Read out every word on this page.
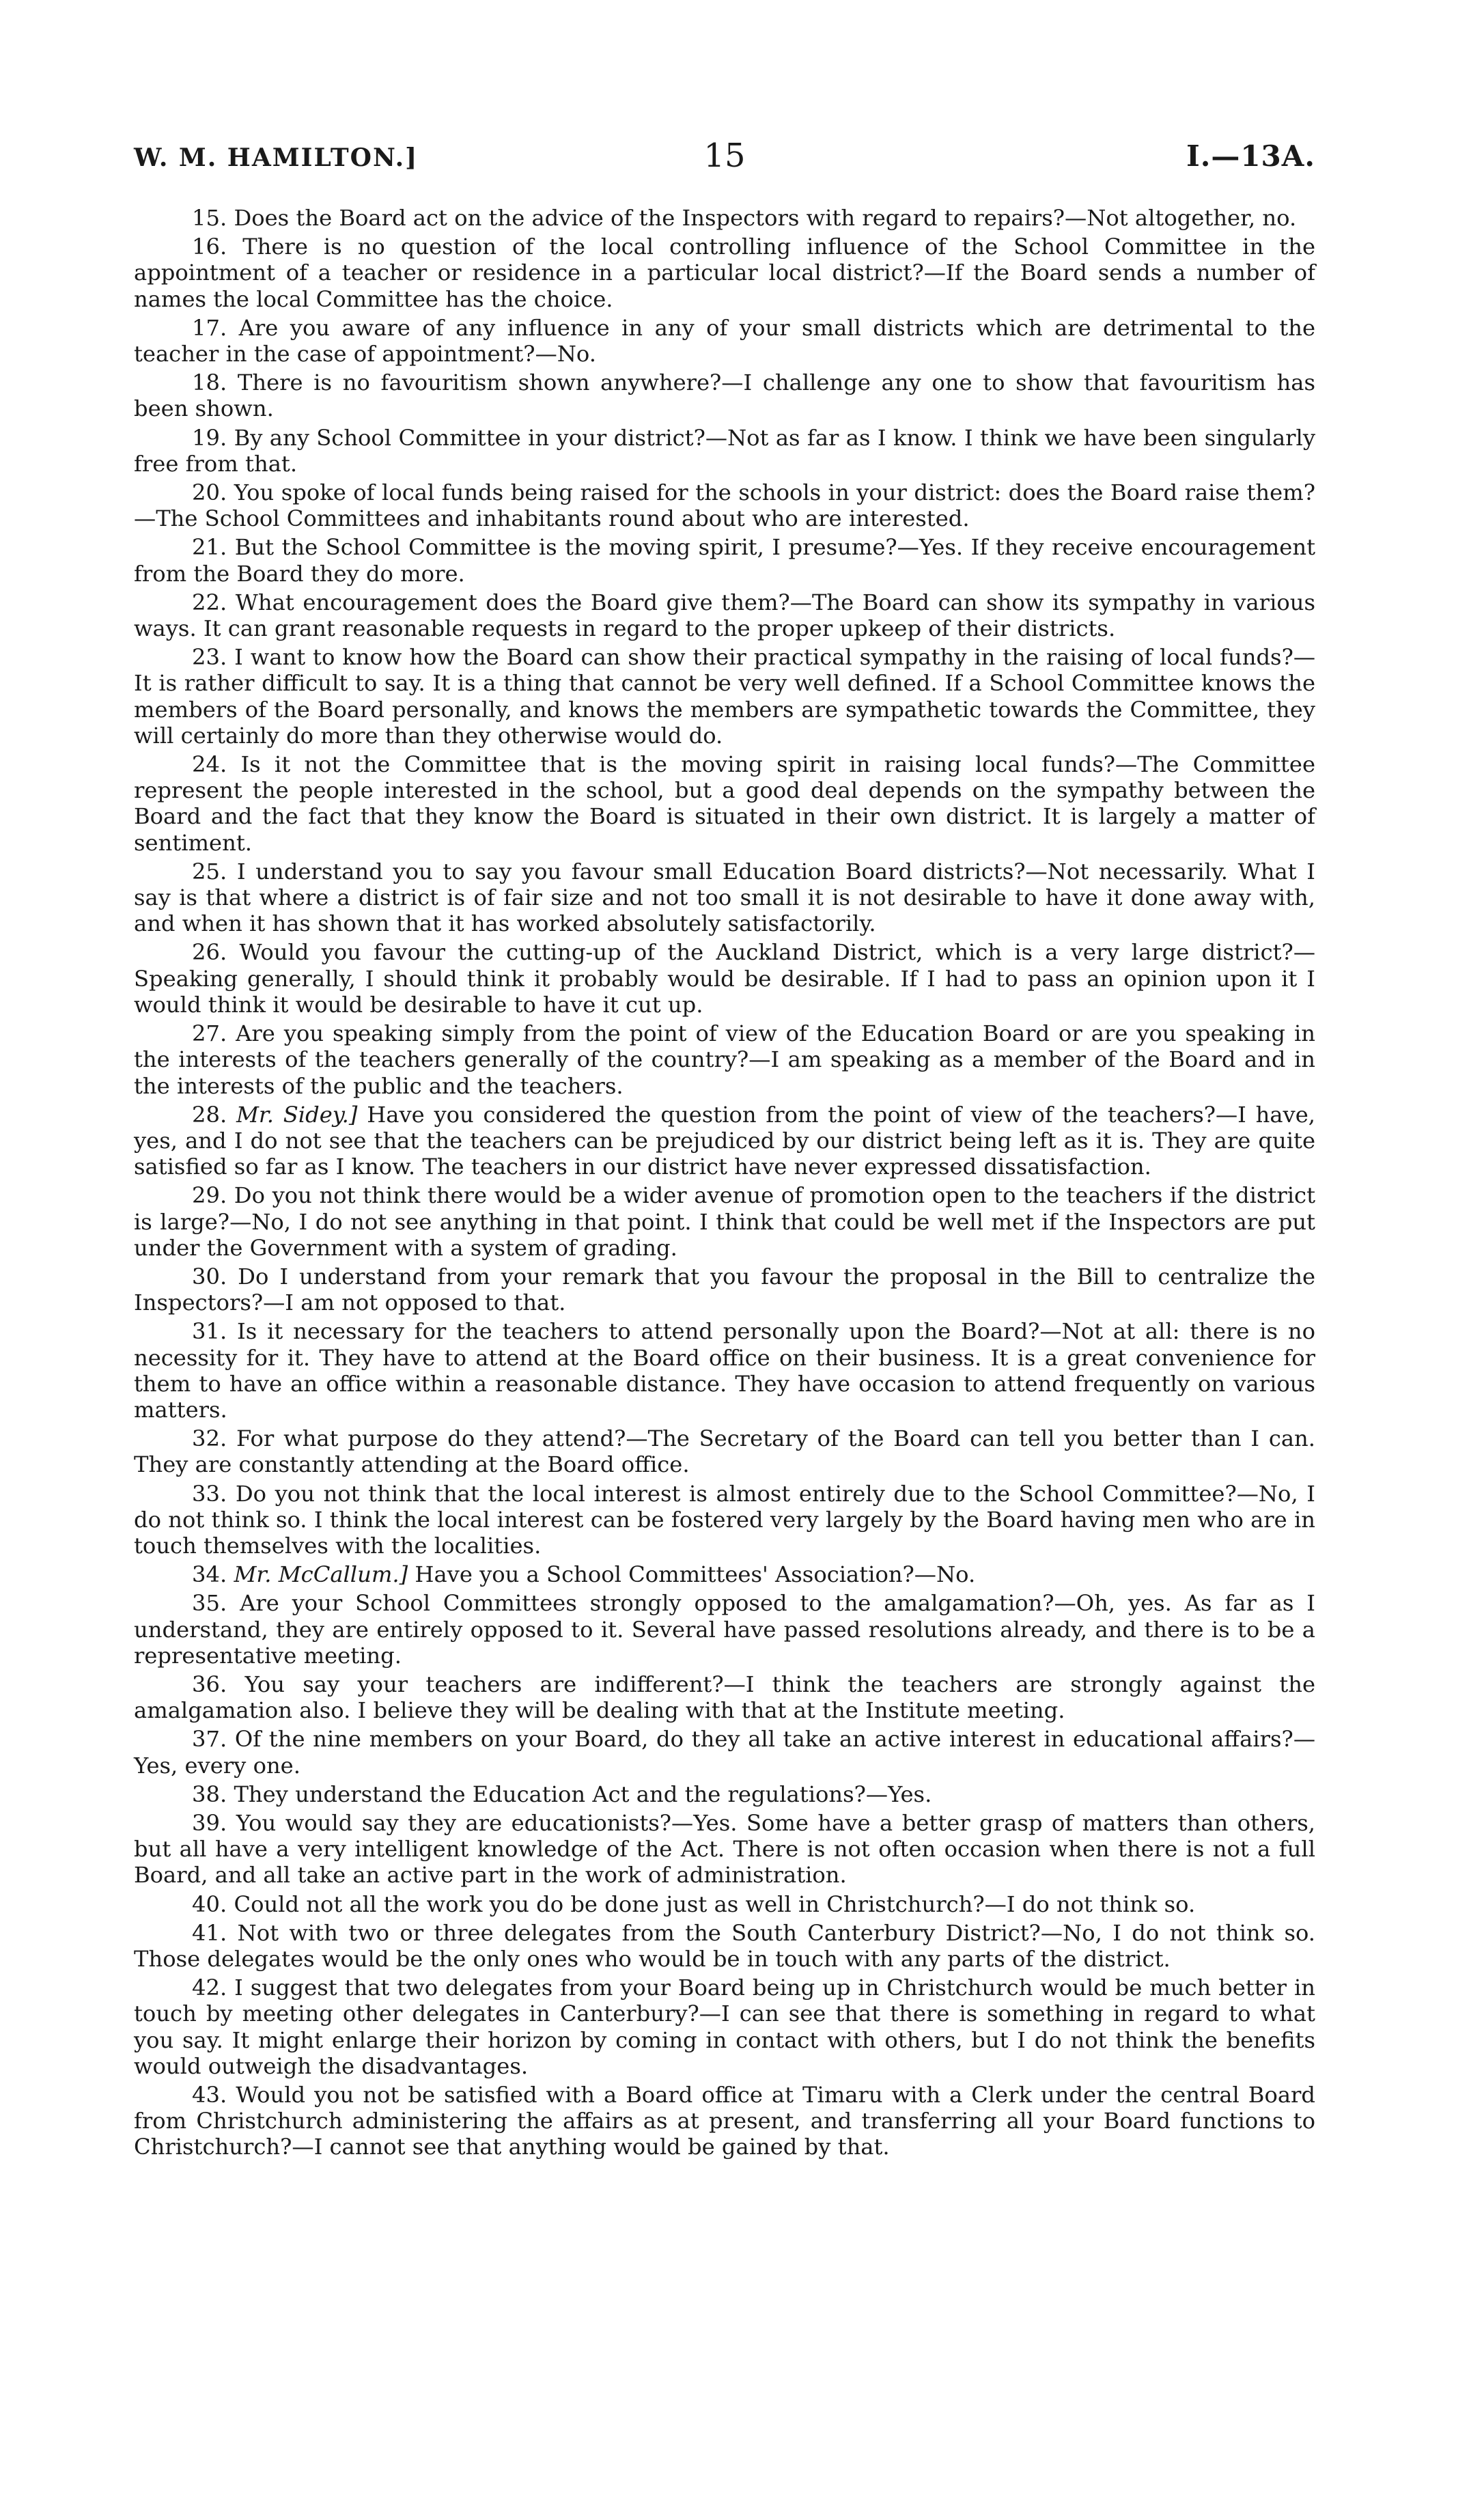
W. M. HAMILTON.]	15	I.—13A.

15. Does the Board act on the advice of the Inspectors with regard to repairs?—Not altogether, no.

16. There is no question of the local controlling influence of the School Committee in the appointment of a teacher or residence in a particular local district?—If the Board sends a number of names the local Committee has the choice.

17. Are you aware of any influence in any of your small districts which are detrimental to the teacher in the case of appointment?—No.

18. There is no favouritism shown anywhere?—I challenge any one to show that favouritism has been shown.

19. By any School Committee in your district?—Not as far as I know. I think we have been singularly free from that.

20. You spoke of local funds being raised for the schools in your district: does the Board raise them?—The School Committees and inhabitants round about who are interested.

21. But the School Committee is the moving spirit, I presume?—Yes. If they receive encouragement from the Board they do more.

22. What encouragement does the Board give them?—The Board can show its sympathy in various ways. It can grant reasonable requests in regard to the proper upkeep of their districts.

23. I want to know how the Board can show their practical sympathy in the raising of local funds?—It is rather difficult to say. It is a thing that cannot be very well defined. If a School Committee knows the members of the Board personally, and knows the members are sympathetic towards the Committee, they will certainly do more than they otherwise would do.

24. Is it not the Committee that is the moving spirit in raising local funds?—The Committee represent the people interested in the school, but a good deal depends on the sympathy between the Board and the fact that they know the Board is situated in their own district. It is largely a matter of sentiment.

25. I understand you to say you favour small Education Board districts?—Not necessarily. What I say is that where a district is of fair size and not too small it is not desirable to have it done away with, and when it has shown that it has worked absolutely satisfactorily.

26. Would you favour the cutting-up of the Auckland District, which is a very large district?—Speaking generally, I should think it probably would be desirable. If I had to pass an opinion upon it I would think it would be desirable to have it cut up.

27. Are you speaking simply from the point of view of the Education Board or are you speaking in the interests of the teachers generally of the country?—I am speaking as a member of the Board and in the interests of the public and the teachers.

28. Mr. Sidey.] Have you considered the question from the point of view of the teachers?—I have, yes, and I do not see that the teachers can be prejudiced by our district being left as it is. They are quite satisfied so far as I know. The teachers in our district have never expressed dissatisfaction.

29. Do you not think there would be a wider avenue of promotion open to the teachers if the district is large?—No, I do not see anything in that point. I think that could be well met if the Inspectors are put under the Government with a system of grading.

30. Do I understand from your remark that you favour the proposal in the Bill to centralize the Inspectors?—I am not opposed to that.

31. Is it necessary for the teachers to attend personally upon the Board?—Not at all: there is no necessity for it. They have to attend at the Board office on their business. It is a great convenience for them to have an office within a reasonable distance. They have occasion to attend frequently on various matters.

32. For what purpose do they attend?—The Secretary of the Board can tell you better than I can. They are constantly attending at the Board office.

33. Do you not think that the local interest is almost entirely due to the School Committee?—No, I do not think so. I think the local interest can be fostered very largely by the Board having men who are in touch themselves with the localities.

34. Mr. McCallum.] Have you a School Committees' Association?—No.

35. Are your School Committees strongly opposed to the amalgamation?—Oh, yes. As far as I understand, they are entirely opposed to it. Several have passed resolutions already, and there is to be a representative meeting.

36. You say your teachers are indifferent?—I think the teachers are strongly against the amalgamation also. I believe they will be dealing with that at the Institute meeting.

37. Of the nine members on your Board, do they all take an active interest in educational affairs?—Yes, every one.

38. They understand the Education Act and the regulations?—Yes.

39. You would say they are educationists?—Yes. Some have a better grasp of matters than others, but all have a very intelligent knowledge of the Act. There is not often occasion when there is not a full Board, and all take an active part in the work of administration.

40. Could not all the work you do be done just as well in Christchurch?—I do not think so.

41. Not with two or three delegates from the South Canterbury District?—No, I do not think so. Those delegates would be the only ones who would be in touch with any parts of the district.

42. I suggest that two delegates from your Board being up in Christchurch would be much better in touch by meeting other delegates in Canterbury?—I can see that there is something in regard to what you say. It might enlarge their horizon by coming in contact with others, but I do not think the benefits would outweigh the disadvantages.

43. Would you not be satisfied with a Board office at Timaru with a Clerk under the central Board from Christchurch administering the affairs as at present, and transferring all your Board functions to Christchurch?—I cannot see that anything would be gained by that.
